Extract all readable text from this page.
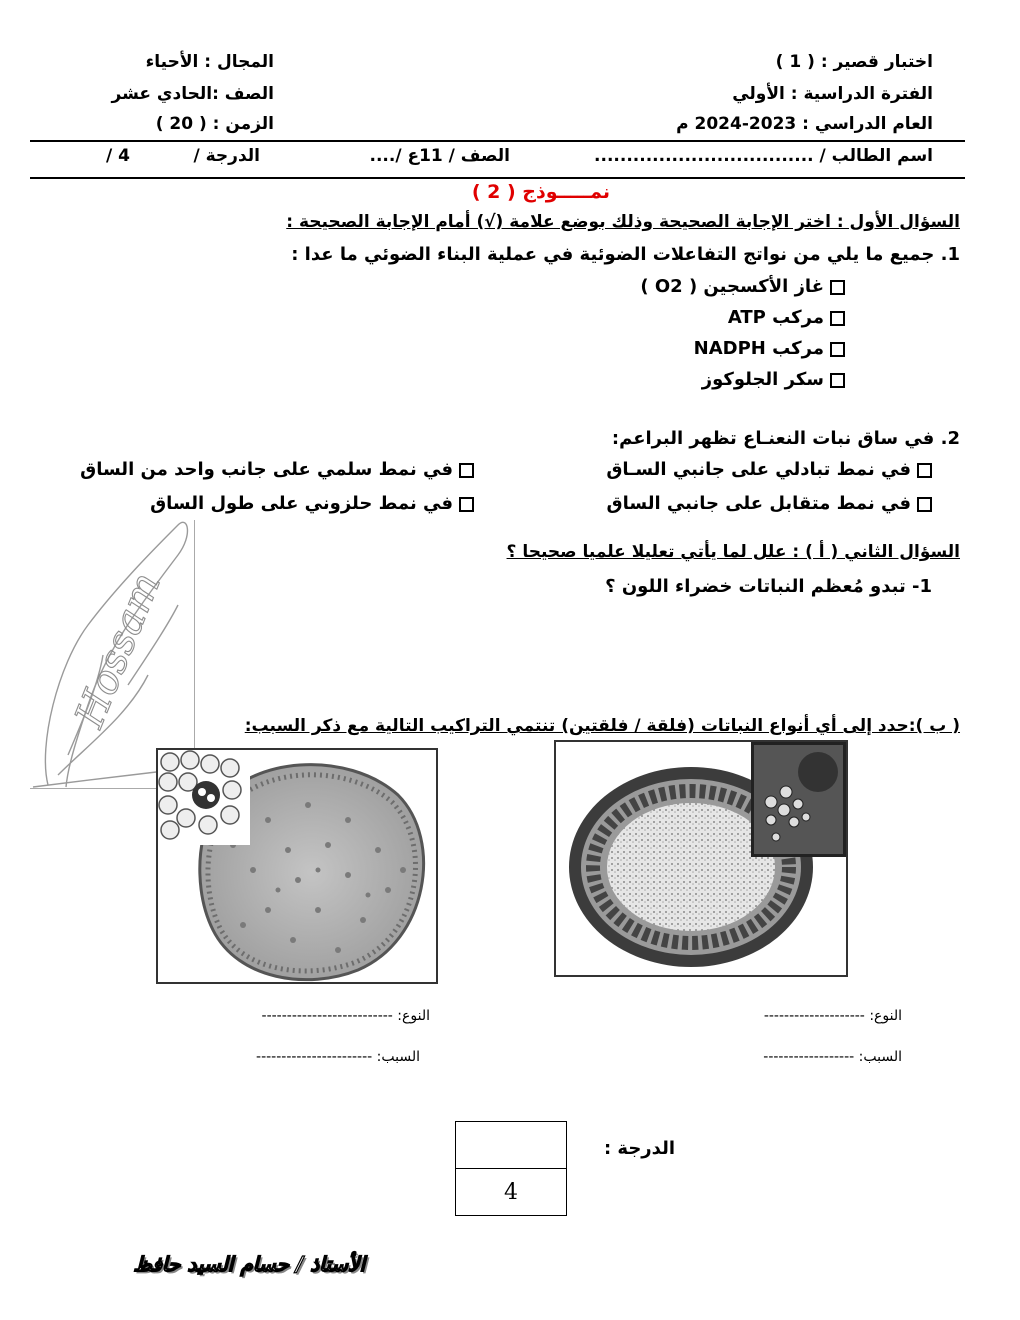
اختبار قصير : ( 1 )
الفترة الدراسية : الأولي
العام الدراسي : 2023-2024 م
المجال : الأحياء
الصف :الحادي عشر
الزمن : ( 20 )
اسم الطالب / ..................................
الصف / 11ع /....
الدرجة /
4 /
نمـــــوذج ( 2 )
السؤال الأول : اختر الإجابة الصحيحة وذلك بوضع علامة (√) أمام الإجابة الصحيحة :
1. جميع ما يلي من نواتج التفاعلات الضوئية في عملية البناء الضوئي ما عدا :
غاز الأكسجين ( O2 )
مركب ATP
مركب NADPH
سكر الجلوكوز
2. في ساق نبات النعنـاع تظهر البراعم:
في نمط تبادلي على جانبي السـاق
في نمط سلمي على جانب واحد من الساق
في نمط متقابل على جانبي الساق
في نمط حلزوني على طول الساق
السؤال الثاني ( أ ) : علل لما يأتي تعليلا علميا صحيحا ؟
1- تبدو مُعظم النباتات خضراء اللون ؟
Hossam	( ب ):حدد إلى أي أنواع النباتات (فلقة / فلقتين) تنتمي التراكيب التالية مع ذكر السبب:
النوع: --------------------
السبب: ------------------
النوع: --------------------------
السبب: -----------------------
الدرجة :

4
الأستاذ / حسام السيد حافظ
